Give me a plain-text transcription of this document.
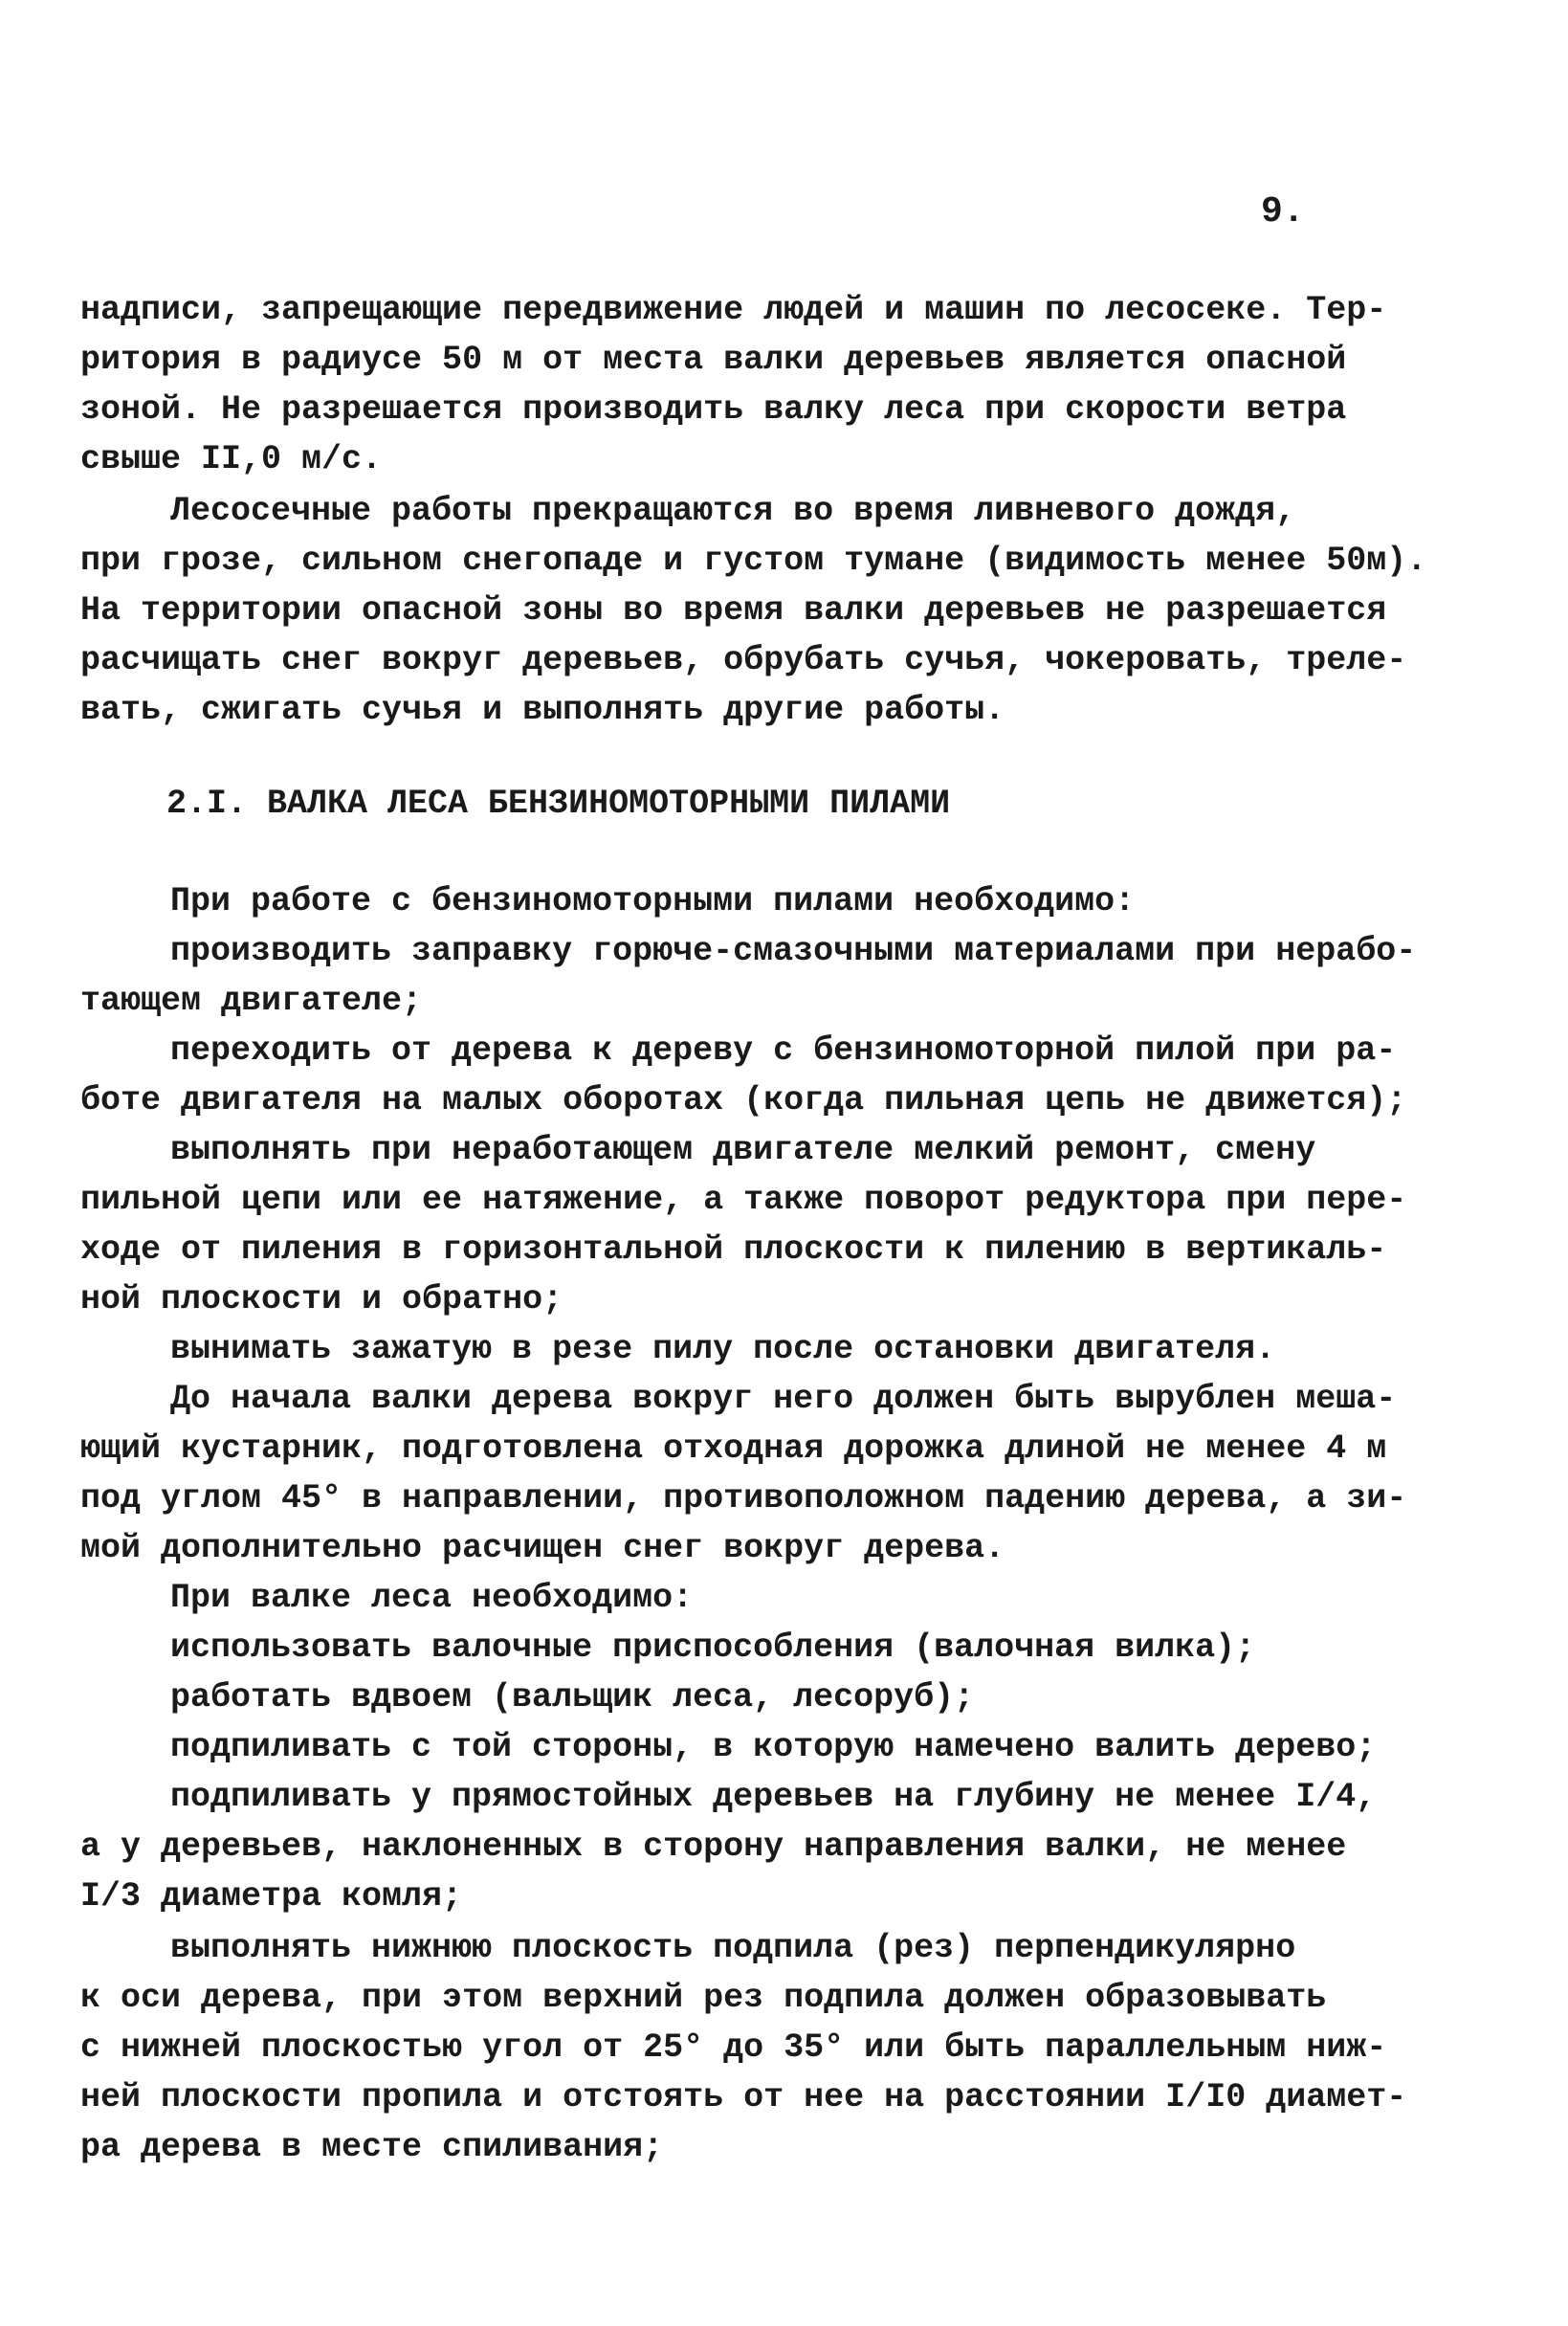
9.
надписи, запрещающие передвижение людей и машин по лесосеке. Тер-
ритория в радиусе 50 м от места валки деревьев является опасной
зоной. Не разрешается производить валку леса при скорости ветра
свыше II,0 м/с.
Лесосечные работы прекращаются во время ливневого дождя,
при грозе, сильном снегопаде и густом тумане (видимость менее 50м).
На территории опасной зоны во время валки деревьев не разрешается
расчищать снег вокруг деревьев, обрубать сучья, чокеровать, треле-
вать, сжигать сучья и выполнять другие работы.
2.I. ВАЛКА ЛЕСА БЕНЗИНОМОТОРНЫМИ ПИЛАМИ
При работе с бензиномоторными пилами необходимо:
производить заправку горюче-смазочными материалами при нерабо-
тающем двигателе;
переходить от дерева к дереву с бензиномоторной пилой при ра-
боте двигателя на малых оборотах (когда пильная цепь не движется);
выполнять при неработающем двигателе мелкий ремонт, смену
пильной цепи или ее натяжение, а также поворот редуктора при пере-
ходе от пиления в горизонтальной плоскости к пилению в вертикаль-
ной плоскости и обратно;
вынимать зажатую в резе пилу после остановки двигателя.
До начала валки дерева вокруг него должен быть вырублен меша-
ющий кустарник, подготовлена отходная дорожка длиной не менее 4 м
под углом 45° в направлении, противоположном падению дерева, а зи-
мой дополнительно расчищен снег вокруг дерева.
При валке леса необходимо:
использовать валочные приспособления (валочная вилка);
работать вдвоем (вальщик леса, лесоруб);
подпиливать с той стороны, в которую намечено валить дерево;
подпиливать у прямостойных деревьев на глубину не менее I/4,
а у деревьев, наклоненных в сторону направления валки, не менее
I/3 диаметра комля;
выполнять нижнюю плоскость подпила (рез) перпендикулярно
к оси дерева, при этом верхний рез подпила должен образовывать
с нижней плоскостью угол от 25° до 35° или быть параллельным ниж-
ней плоскости пропила и отстоять от нее на расстоянии I/I0 диамет-
ра дерева в месте спиливания;
